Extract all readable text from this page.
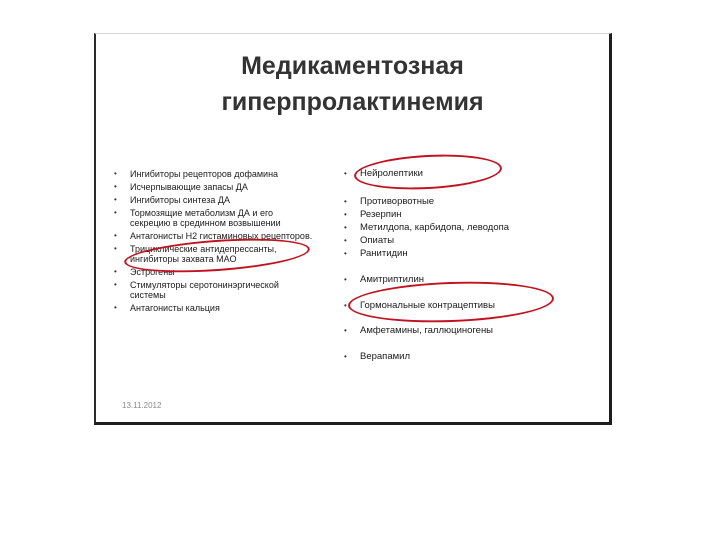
Медикаментозная
гиперпролактинемия
• Ингибиторы рецепторов дофамина
• Исчерпывающие запасы ДА
• Ингибиторы синтеза ДА
• Тормозящие метаболизм ДА и его
секрецию в срединном возвышении
• Антагонисты Н2 гистаминовых рецепторов.
• Трициклические антидепрессанты,
ингибиторы захвата МАО
• Эстрогены
• Стимуляторы серотонинэргической
системы
• Антагонисты кальция
• Нейролептики
• Противорвотные
• Резерпин
• Метилдопа, карбидопа, леводопа
• Опиаты
• Ранитидин
• Амитриптилин
• Гормональные контрацептивы
• Амфетамины, галлюциногены
• Верапамил
13.11.2012
